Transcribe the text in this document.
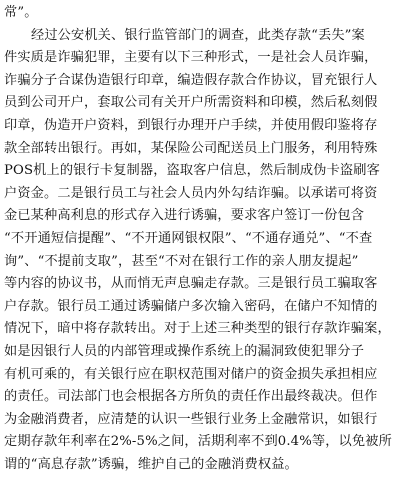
常”。
经过公安机关、银行监管部门的调查，此类存款“丢失”案
件实质是诈骗犯罪，主要有以下三种形式，一是社会人员诈骗，
诈骗分子合谋伪造银行印章，编造假存款合作协议，冒充银行人
员到公司开户，套取公司有关开户所需资料和印模，然后私刻假
印章，伪造开户资料，到银行办理开户手续，并使用假印鉴将存
款全部转出银行。再如，某保险公司配送员上门服务，利用特殊
POS机上的银行卡复制器，盗取客户信息，然后制成伪卡盗刷客
户资金。二是银行员工与社会人员内外勾结诈骗。以承诺可将资
金已某种高利息的形式存入进行诱骗，要求客户签订一份包含
“不开通短信提醒”、“不开通网银权限”、“不通存通兑”、“不查
询”、“不提前支取”，甚至“不对在银行工作的亲人朋友提起”
等内容的协议书，从而悄无声息骗走存款。三是银行员工骗取客
户存款。银行员工通过诱骗储户多次输入密码，在储户不知情的
情况下，暗中将存款转出。对于上述三种类型的银行存款诈骗案，
如是因银行人员的内部管理或操作系统上的漏洞致使犯罪分子
有机可乘的，有关银行应在职权范围对储户的资金损失承担相应
的责任。司法部门也会根据各方所负的责任作出最终裁决。但作
为金融消费者，应清楚的认识一些银行业务上金融常识，如银行
定期存款年利率在2%-5%之间，活期利率不到0.4%等，以免被所
谓的“高息存款”诱骗，维护自己的金融消费权益。
